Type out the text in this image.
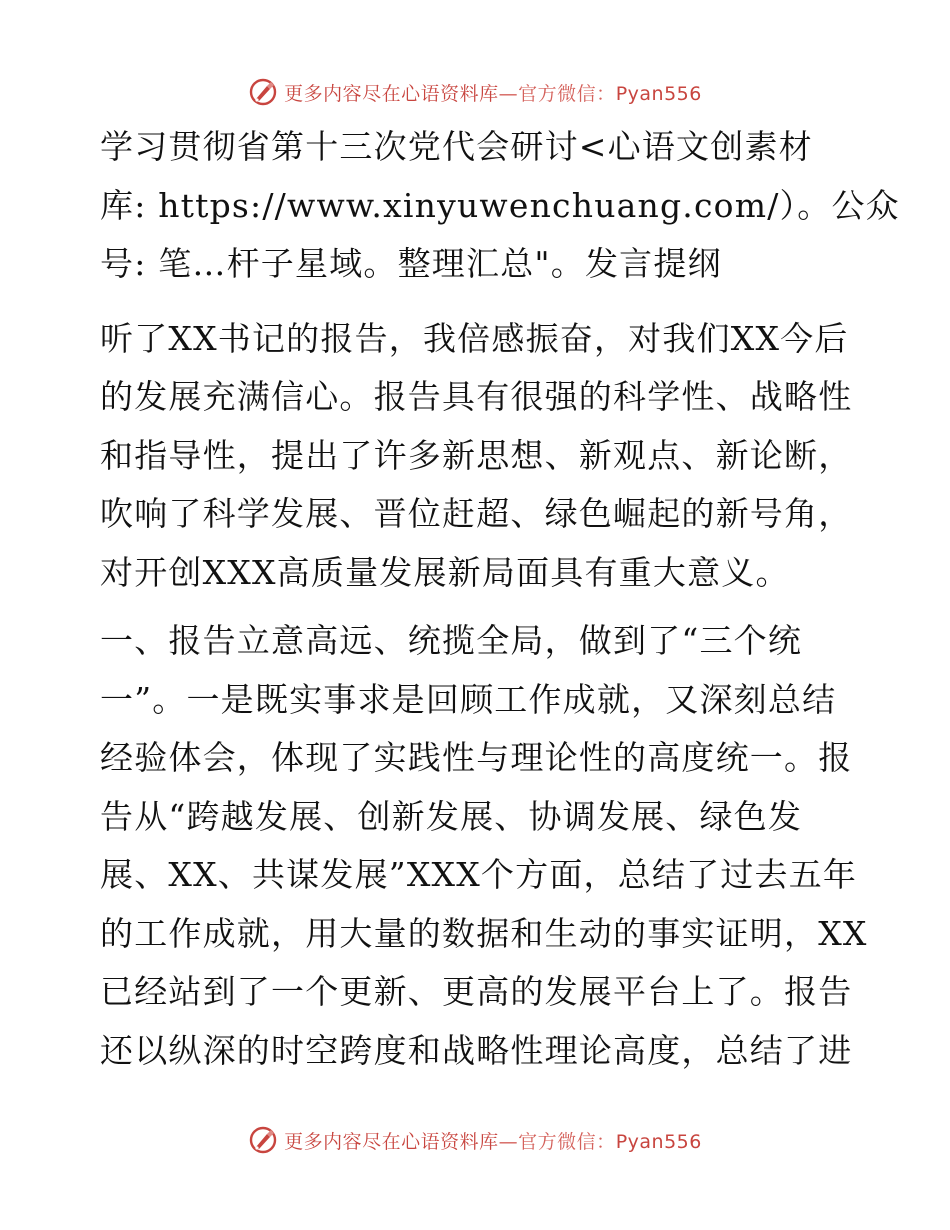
更多内容尽在心语资料库—官方微信：Pyan556
学习贯彻省第十三次党代会研讨<心语文创素材
库: https://www.xinyuwenchuang.com/）。公众
号: 笔…杆子星域。整理汇总"。发言提纲
听了XX书记的报告，我倍感振奋，对我们XX今后
的发展充满信心。报告具有很强的科学性、战略性
和指导性，提出了许多新思想、新观点、新论断，
吹响了科学发展、晋位赶超、绿色崛起的新号角，
对开创XXX高质量发展新局面具有重大意义。
一、报告立意高远、统揽全局，做到了“三个统
一”。一是既实事求是回顾工作成就，又深刻总结
经验体会，体现了实践性与理论性的高度统一。报
告从“跨越发展、创新发展、协调发展、绿色发
展、XX、共谋发展”XXX个方面，总结了过去五年
的工作成就，用大量的数据和生动的事实证明，XX
已经站到了一个更新、更高的发展平台上了。报告
还以纵深的时空跨度和战略性理论高度，总结了进
更多内容尽在心语资料库—官方微信：Pyan556
